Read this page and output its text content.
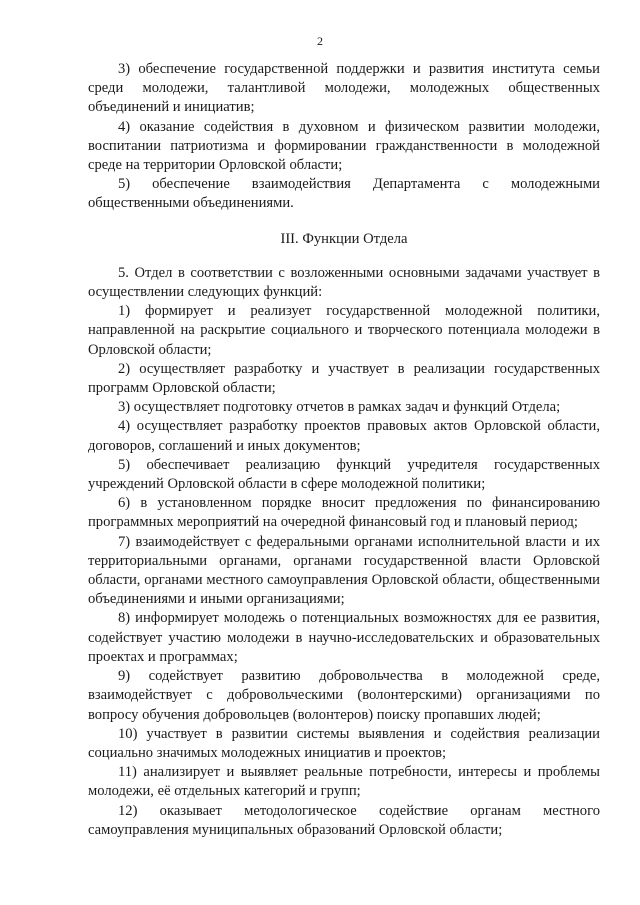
2

3) обеспечение государственной поддержки и развития института семьи среди молодежи, талантливой молодежи, молодежных общественных объединений и инициатив;

4) оказание содействия в духовном и физическом развитии молодежи, воспитании патриотизма и формировании гражданственности в молодежной среде на территории Орловской области;

5) обеспечение взаимодействия Департамента с молодежными общественными объединениями.

III. Функции Отдела

5. Отдел в соответствии с возложенными основными задачами участвует в осуществлении следующих функций:

1) формирует и реализует государственной молодежной политики, направленной на раскрытие социального и творческого потенциала молодежи в Орловской области;

2) осуществляет разработку и участвует в реализации государственных программ Орловской области;

3) осуществляет подготовку отчетов в рамках задач и функций Отдела;

4) осуществляет разработку проектов правовых актов Орловской области, договоров, соглашений и иных документов;

5) обеспечивает реализацию функций учредителя государственных учреждений Орловской области в сфере молодежной политики;

6) в установленном порядке вносит предложения по финансированию программных мероприятий на очередной финансовый год и плановый период;

7) взаимодействует с федеральными органами исполнительной власти и их территориальными органами, органами государственной власти Орловской области, органами местного самоуправления Орловской области, общественными объединениями и иными организациями;

8) информирует молодежь о потенциальных возможностях для ее развития, содействует участию молодежи в научно-исследовательских и образовательных проектах и программах;

9) содействует развитию добровольчества в молодежной среде, взаимодействует с добровольческими (волонтерскими) организациями по вопросу обучения добровольцев (волонтеров) поиску пропавших людей;

10) участвует в развитии системы выявления и содействия реализации социально значимых молодежных инициатив и проектов;

11) анализирует и выявляет реальные потребности, интересы и проблемы молодежи, её отдельных категорий и групп;

12) оказывает методологическое содействие органам местного самоуправления муниципальных образований Орловской области;
